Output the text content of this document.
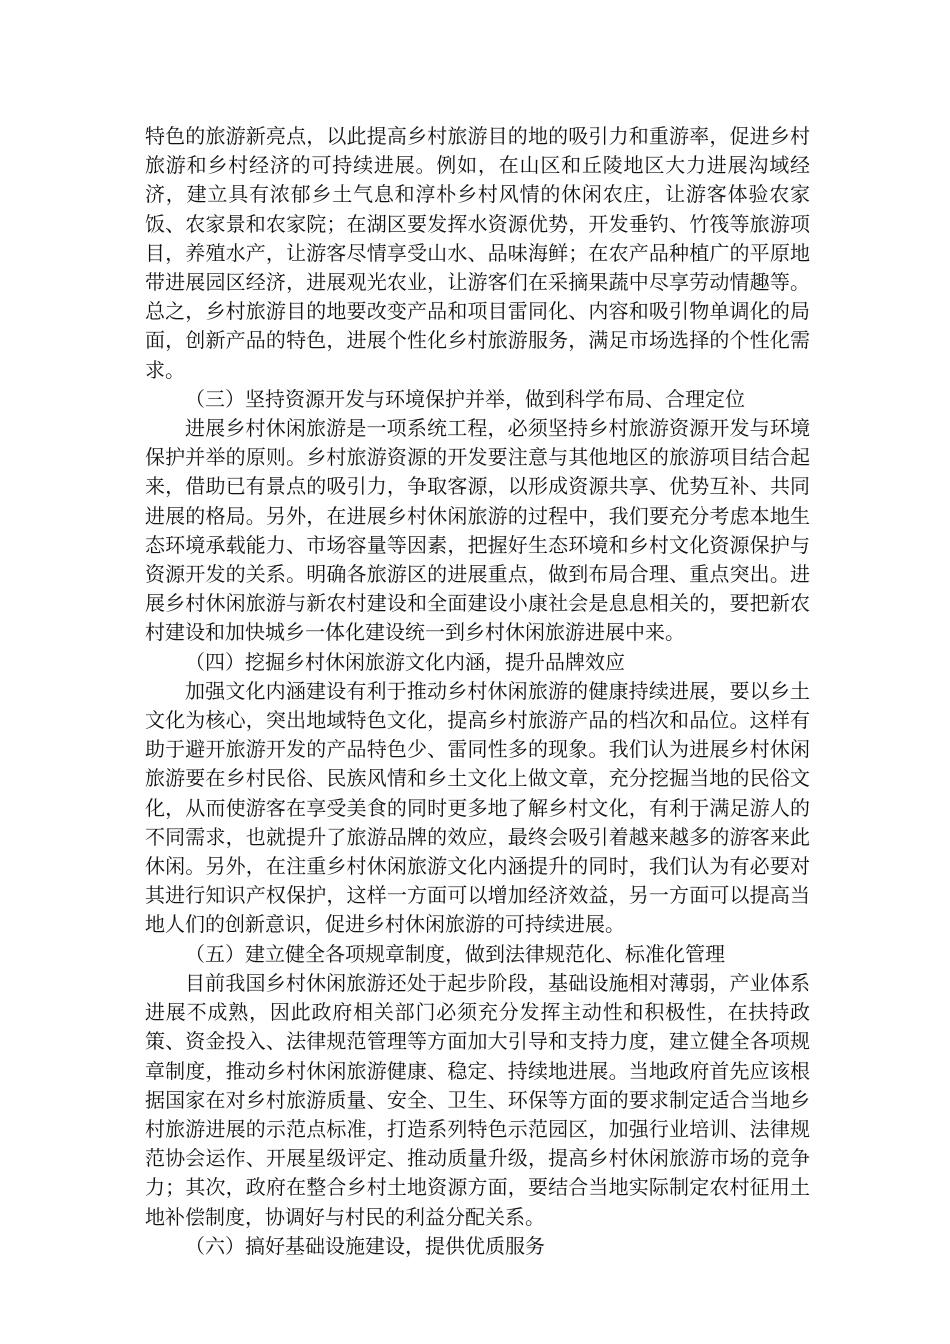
特色的旅游新亮点，以此提高乡村旅游目的地的吸引力和重游率，促进乡村旅游和乡村经济的可持续进展。例如，在山区和丘陵地区大力进展沟域经济，建立具有浓郁乡土气息和淳朴乡村风情的休闲农庄，让游客体验农家饭、农家景和农家院；在湖区要发挥水资源优势，开发垂钓、竹筏等旅游项目，养殖水产，让游客尽情享受山水、品味海鲜；在农产品种植广的平原地带进展园区经济，进展观光农业，让游客们在采摘果蔬中尽享劳动情趣等。总之，乡村旅游目的地要改变产品和项目雷同化、内容和吸引物单调化的局面，创新产品的特色，进展个性化乡村旅游服务，满足市场选择的个性化需求。

（三）坚持资源开发与环境保护并举，做到科学布局、合理定位

进展乡村休闲旅游是一项系统工程，必须坚持乡村旅游资源开发与环境保护并举的原则。乡村旅游资源的开发要注意与其他地区的旅游项目结合起来，借助已有景点的吸引力，争取客源，以形成资源共享、优势互补、共同进展的格局。另外，在进展乡村休闲旅游的过程中，我们要充分考虑本地生态环境承载能力、市场容量等因素，把握好生态环境和乡村文化资源保护与资源开发的关系。明确各旅游区的进展重点，做到布局合理、重点突出。进展乡村休闲旅游与新农村建设和全面建设小康社会是息息相关的，要把新农村建设和加快城乡一体化建设统一到乡村休闲旅游进展中来。

（四）挖掘乡村休闲旅游文化内涵，提升品牌效应

加强文化内涵建设有利于推动乡村休闲旅游的健康持续进展，要以乡土文化为核心，突出地域特色文化，提高乡村旅游产品的档次和品位。这样有助于避开旅游开发的产品特色少、雷同性多的现象。我们认为进展乡村休闲旅游要在乡村民俗、民族风情和乡土文化上做文章，充分挖掘当地的民俗文化，从而使游客在享受美食的同时更多地了解乡村文化，有利于满足游人的不同需求，也就提升了旅游品牌的效应，最终会吸引着越来越多的游客来此休闲。另外，在注重乡村休闲旅游文化内涵提升的同时，我们认为有必要对其进行知识产权保护，这样一方面可以增加经济效益，另一方面可以提高当地人们的创新意识，促进乡村休闲旅游的可持续进展。

（五）建立健全各项规章制度，做到法律规范化、标准化管理

目前我国乡村休闲旅游还处于起步阶段，基础设施相对薄弱，产业体系进展不成熟，因此政府相关部门必须充分发挥主动性和积极性，在扶持政策、资金投入、法律规范管理等方面加大引导和支持力度，建立健全各项规章制度，推动乡村休闲旅游健康、稳定、持续地进展。当地政府首先应该根据国家在对乡村旅游质量、安全、卫生、环保等方面的要求制定适合当地乡村旅游进展的示范点标准，打造系列特色示范园区，加强行业培训、法律规范协会运作、开展星级评定、推动质量升级，提高乡村休闲旅游市场的竞争力；其次，政府在整合乡村土地资源方面，要结合当地实际制定农村征用土地补偿制度，协调好与村民的利益分配关系。

（六）搞好基础设施建设，提供优质服务
